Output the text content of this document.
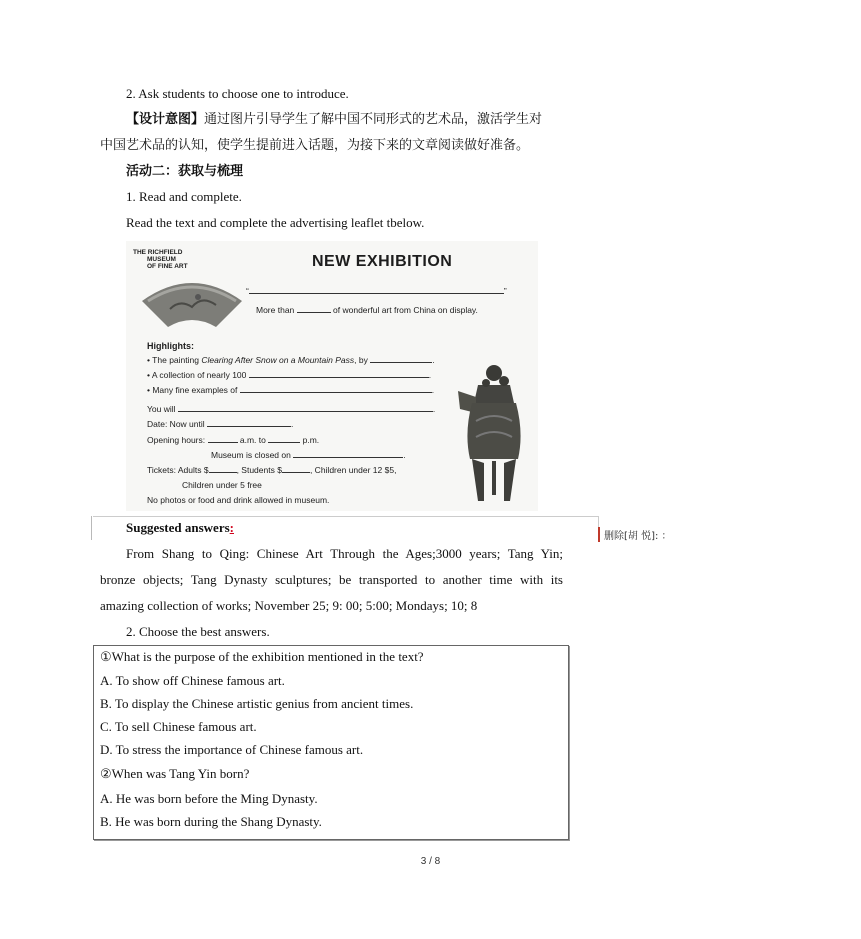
2. Ask students to choose one to introduce.
【设计意图】通过图片引导学生了解中国不同形式的艺术品，激活学生对
中国艺术品的认知，使学生提前进入话题，为接下来的文章阅读做好准备。
活动二：获取与梳理
1. Read and complete.
Read the text and complete the advertising leaflet tbelow.
THE RICHFIELD
MUSEUM
OF FINE ART	NEW EXHIBITION
“	”
More than	of wonderful art from China on display.
Highlights:
• The painting Clearing After Snow on a Mountain Pass, by	.
• A collection of nearly 100	.
• Many fine examples of	.
You will	.
Date: Now until	.
Opening hours:	a.m. to	p.m.
Museum is closed on	.
Tickets: Adults $	, Students $	, Children under 12 $5,
Children under 5 free
No photos or food and drink allowed in museum.
删除[胡 悦]: ：
Suggested answers:
From Shang to Qing: Chinese Art Through the Ages;3000 years; Tang Yin;
bronze objects; Tang Dynasty sculptures; be transported to another time with its
amazing collection of works; November 25; 9: 00; 5:00; Mondays; 10; 8
2. Choose the best answers.
①What is the purpose of the exhibition mentioned in the text?
A. To show off Chinese famous art.
B. To display the Chinese artistic genius from ancient times.
C. To sell Chinese famous art.
D. To stress the importance of Chinese famous art.
②When was Tang Yin born?
A. He was born before the Ming Dynasty.
B. He was born during the Shang Dynasty.
3 / 8
